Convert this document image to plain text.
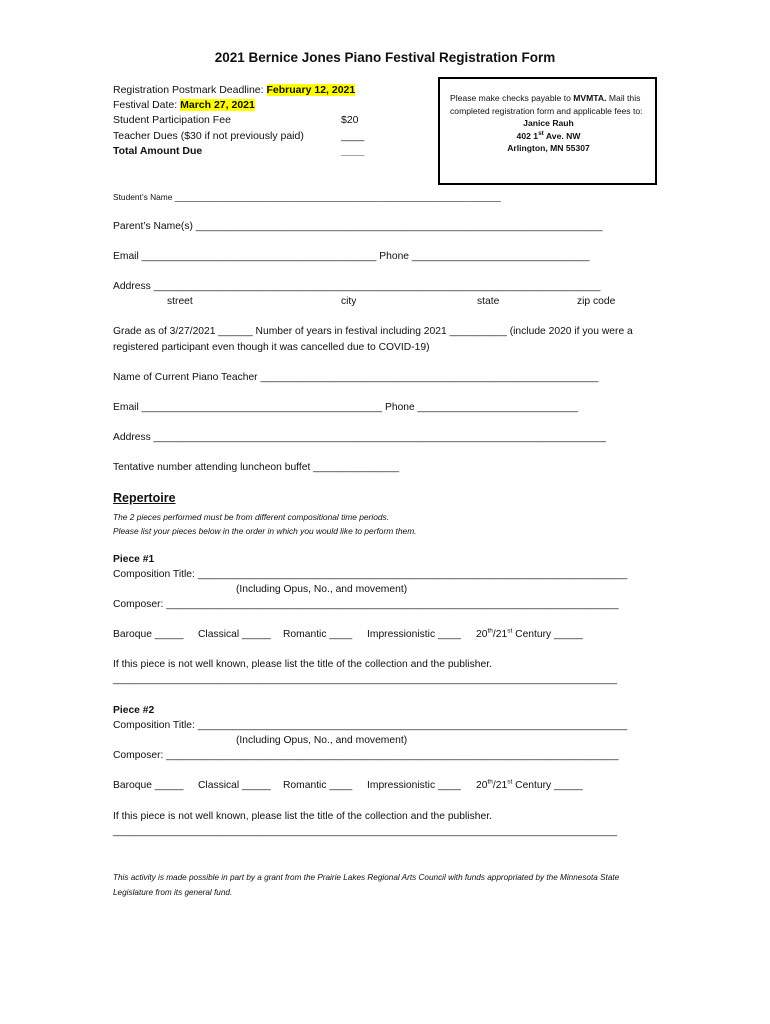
2021 Bernice Jones Piano Festival Registration Form
Registration Postmark Deadline: February 12, 2021
Festival Date: March 27, 2021
Student Participation Fee	$20
Teacher Dues ($30 if not previously paid)	____
Total Amount Due	____
Please make checks payable to MVMTA. Mail this completed registration form and applicable fees to:
Janice Rauh
402 1st Ave. NW
Arlington, MN 55307
Student’s Name ______________________________________________________________________
Parent’s Name(s) _______________________________________________________________________
Email _________________________________________ Phone _______________________________
Address ______________________________________________________________________________
street	city	state	zip code
Grade as of 3/27/2021 ______ Number of years in festival including 2021 __________ (include 2020 if you were a
registered participant even though it was cancelled due to COVID-19)
Name of Current Piano Teacher ___________________________________________________________
Email __________________________________________ Phone ____________________________
Address _______________________________________________________________________________
Tentative number attending luncheon buffet _______________
Repertoire
The 2 pieces performed must be from different compositional time periods.
Please list your pieces below in the order in which you would like to perform them.
Piece #1
Composition Title: ___________________________________________________________________________
(Including Opus, No., and movement)
Composer: _______________________________________________________________________________
Baroque _____ Classical _____ Romantic ____ Impressionistic ____ 20th/21st Century _____
If this piece is not well known, please list the title of the collection and the publisher.
________________________________________________________________________________________
Piece #2
Composition Title: ___________________________________________________________________________
(Including Opus, No., and movement)
Composer: _______________________________________________________________________________
Baroque _____ Classical _____ Romantic ____ Impressionistic ____ 20th/21st Century _____
If this piece is not well known, please list the title of the collection and the publisher.
________________________________________________________________________________________
This activity is made possible in part by a grant from the Prairie Lakes Regional Arts Council with funds appropriated by the Minnesota State Legislature from its general fund.
